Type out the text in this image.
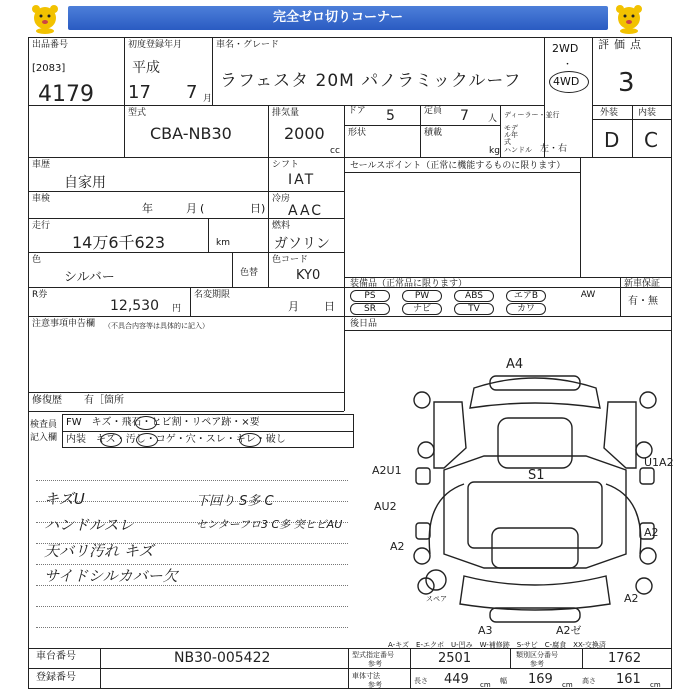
完全ゼロ切りコーナー
出品番号
[2083]
4179
初度登録年月
平成
17 7 月
車名・グレード
ラフェスタ 20M パノラミックルーフ
2WD
・
4WD
評価点
3
外装 内装
D C
型式
CBA-NB30
排気量
2000
cc
ドア 5	定員 7 人
形状	積載
kg
ディーラー・並行
モデル年式
ハンドル 左・右
車歴
自家用
車検
年	月 (	日)
走行
14万6千623	km
色
シルバー	色替
R券
12,530 円
名変期限
月 日
シフト
IAT
冷房
AAC
燃料
ガソリン
色コード
KY0
セールスポイント（正常に機能するものに限ります）
装備品（正常品に限ります）	新車保証
有・無
PS	PW	ABS	エアB	AW
SR	ナビ	TV	カワ
後日品
注意事項申告欄 （不具合内容等は具体的に記入）
修復歴 有［箇所
検査員
記入欄
FW　キズ・飛石・ヒビ割・リペア跡・×要
内装　キズ・汚し・コゲ・穴・スレ・キレ・破し
キズU
ハンドルスレ
天バリ汚れ キズ
サイドシルカバー欠
下回り S多 C
センターフロ3 C多 突ヒビAU
A4
S1
A2U1
AU2
A2
U1A2
A2
A2
A3	A2ゼ
スペア
A-キズ　E-エクボ　U-凹み　W-補修跡　S-サビ　C-腐食　XX-交換済
車台番号	NB30-005422
登録番号
型式指定番号
参考	2501	類別区分番号
参考	1762
車体寸法
参考	長さ 449 cm 幅 169 cm 高さ 161 cm
